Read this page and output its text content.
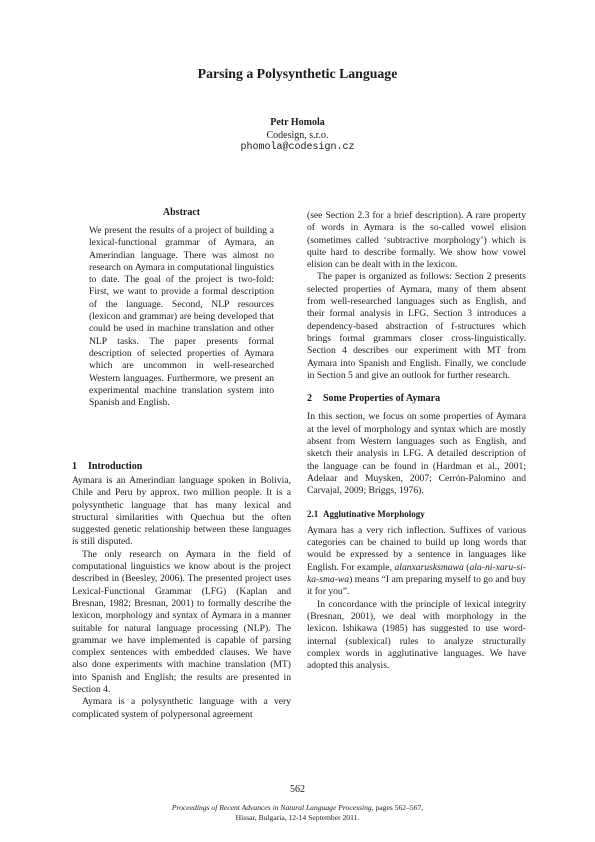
Parsing a Polysynthetic Language
Petr Homola
Codesign, s.r.o.
phomola@codesign.cz
Abstract

We present the results of a project of building a lexical-functional grammar of Aymara, an Amerindian language. There was almost no research on Aymara in computational linguistics to date. The goal of the project is two-fold: First, we want to provide a formal description of the language. Second, NLP resources (lexicon and grammar) are being developed that could be used in machine translation and other NLP tasks. The paper presents formal description of selected properties of Aymara which are uncommon in well-researched Western languages. Furthermore, we present an experimental machine translation system into Spanish and English.

1 Introduction

Aymara is an Amerindian language spoken in Bolivia, Chile and Peru by approx. two million people. It is a polysynthetic language that has many lexical and structural similarities with Quechua but the often suggested genetic relationship between these languages is still disputed.

The only research on Aymara in the field of computational linguistics we know about is the project described in (Beesley, 2006). The presented project uses Lexical-Functional Grammar (LFG) (Kaplan and Bresnan, 1982; Bresnan, 2001) to formally describe the lexicon, morphology and syntax of Aymara in a manner suitable for natural language processing (NLP). The grammar we have implemented is capable of parsing complex sentences with embedded clauses. We have also done experiments with machine translation (MT) into Spanish and English; the results are presented in Section 4.

Aymara is a polysynthetic language with a very complicated system of polypersonal agreement

(see Section 2.3 for a brief description). A rare property of words in Aymara is the so-called vowel elision (sometimes called ‘subtractive morphology’) which is quite hard to describe formally. We show how vowel elision can be dealt with in the lexicon.

The paper is organized as follows: Section 2 presents selected properties of Aymara, many of them absent from well-researched languages such as English, and their formal analysis in LFG. Section 3 introduces a dependency-based abstraction of f-structures which brings formal grammars closer cross-linguistically. Section 4 describes our experiment with MT from Aymara into Spanish and English. Finally, we conclude in Section 5 and give an outlook for further research.

2 Some Properties of Aymara

In this section, we focus on some properties of Aymara at the level of morphology and syntax which are mostly absent from Western languages such as English, and sketch their analysis in LFG. A detailed description of the language can be found in (Hardman et al., 2001; Adelaar and Muysken, 2007; Cerrón-Palomino and Carvajal, 2009; Briggs, 1976).

2.1 Agglutinative Morphology

Aymara has a very rich inflection. Suffixes of various categories can be chained to build up long words that would be expressed by a sentence in languages like English. For example, alanxarusksmawa (ala-ni-xaru-si-ka-sma-wa) means “I am preparing myself to go and buy it for you”.

In concordance with the principle of lexical integrity (Bresnan, 2001), we deal with morphology in the lexicon. Ishikawa (1985) has suggested to use word-internal (sublexical) rules to analyze structurally complex words in agglutinative languages. We have adopted this analysis.

562
Proceedings of Recent Advances in Natural Language Processing, pages 562–567,
Hissar, Bulgaria, 12-14 September 2011.
